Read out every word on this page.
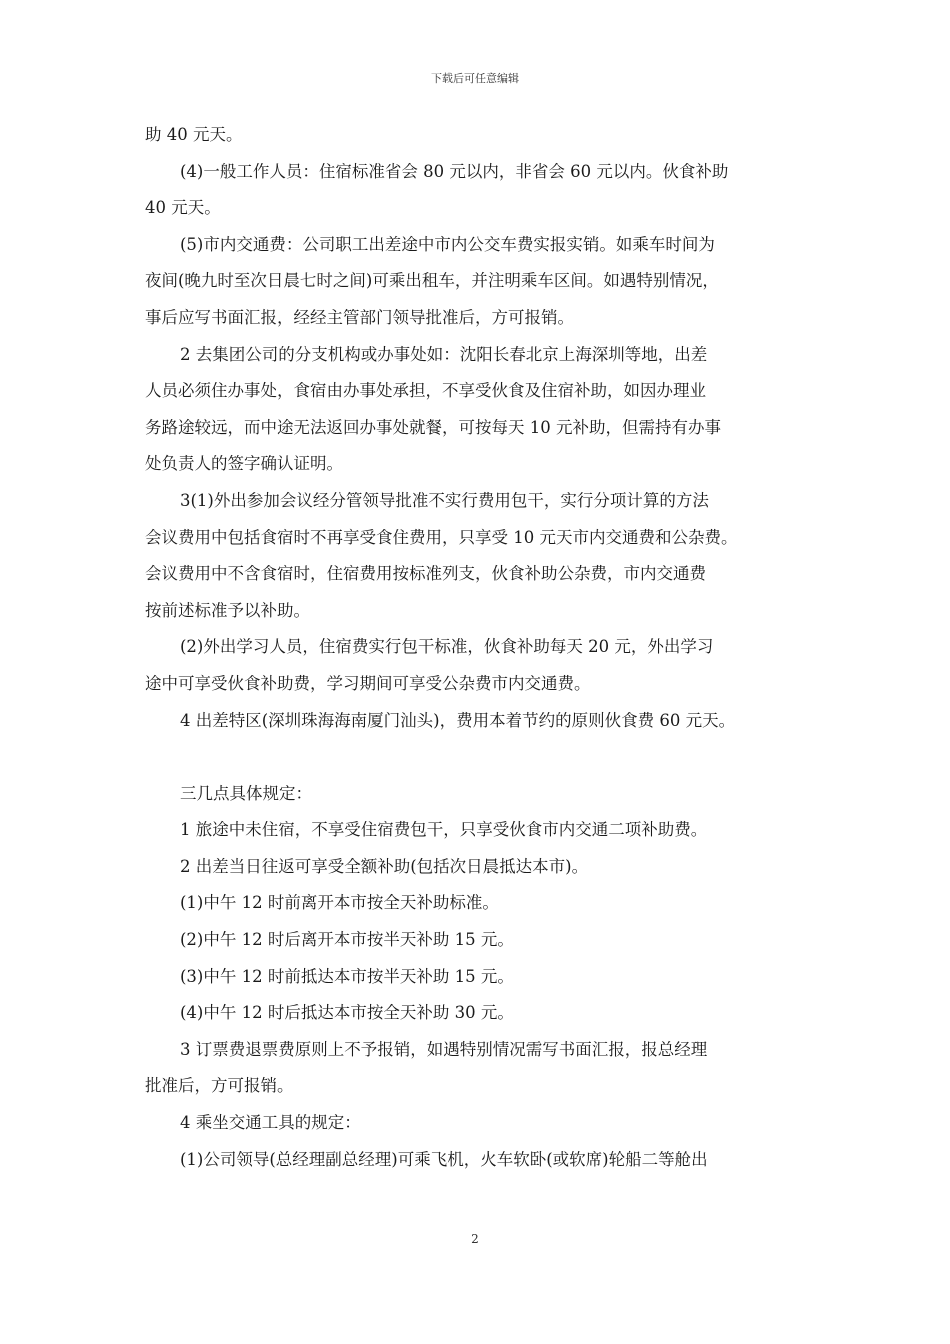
下载后可任意编辑
助 40 元天。
(4)一般工作人员：住宿标准省会 80 元以内，非省会 60 元以内。伙食补助
40 元天。
(5)市内交通费：公司职工出差途中市内公交车费实报实销。如乘车时间为
夜间(晚九时至次日晨七时之间)可乘出租车，并注明乘车区间。如遇特别情况，
事后应写书面汇报，经经主管部门领导批准后，方可报销。
2 去集团公司的分支机构或办事处如：沈阳长春北京上海深圳等地，出差
人员必须住办事处，食宿由办事处承担，不享受伙食及住宿补助，如因办理业
务路途较远，而中途无法返回办事处就餐，可按每天 10 元补助，但需持有办事
处负责人的签字确认证明。
3(1)外出参加会议经分管领导批准不实行费用包干，实行分项计算的方法
会议费用中包括食宿时不再享受食住费用，只享受 10 元天市内交通费和公杂费。
会议费用中不含食宿时，住宿费用按标准列支，伙食补助公杂费，市内交通费
按前述标准予以补助。
(2)外出学习人员，住宿费实行包干标准，伙食补助每天 20 元，外出学习
途中可享受伙食补助费，学习期间可享受公杂费市内交通费。
4 出差特区(深圳珠海海南厦门汕头)，费用本着节约的原则伙食费 60 元天。
三几点具体规定：
1 旅途中未住宿，不享受住宿费包干，只享受伙食市内交通二项补助费。
2 出差当日往返可享受全额补助(包括次日晨抵达本市)。
(1)中午 12 时前离开本市按全天补助标准。
(2)中午 12 时后离开本市按半天补助 15 元。
(3)中午 12 时前抵达本市按半天补助 15 元。
(4)中午 12 时后抵达本市按全天补助 30 元。
3 订票费退票费原则上不予报销，如遇特别情况需写书面汇报，报总经理
批准后，方可报销。
4 乘坐交通工具的规定：
(1)公司领导(总经理副总经理)可乘飞机，火车软卧(或软席)轮船二等舱出
2
